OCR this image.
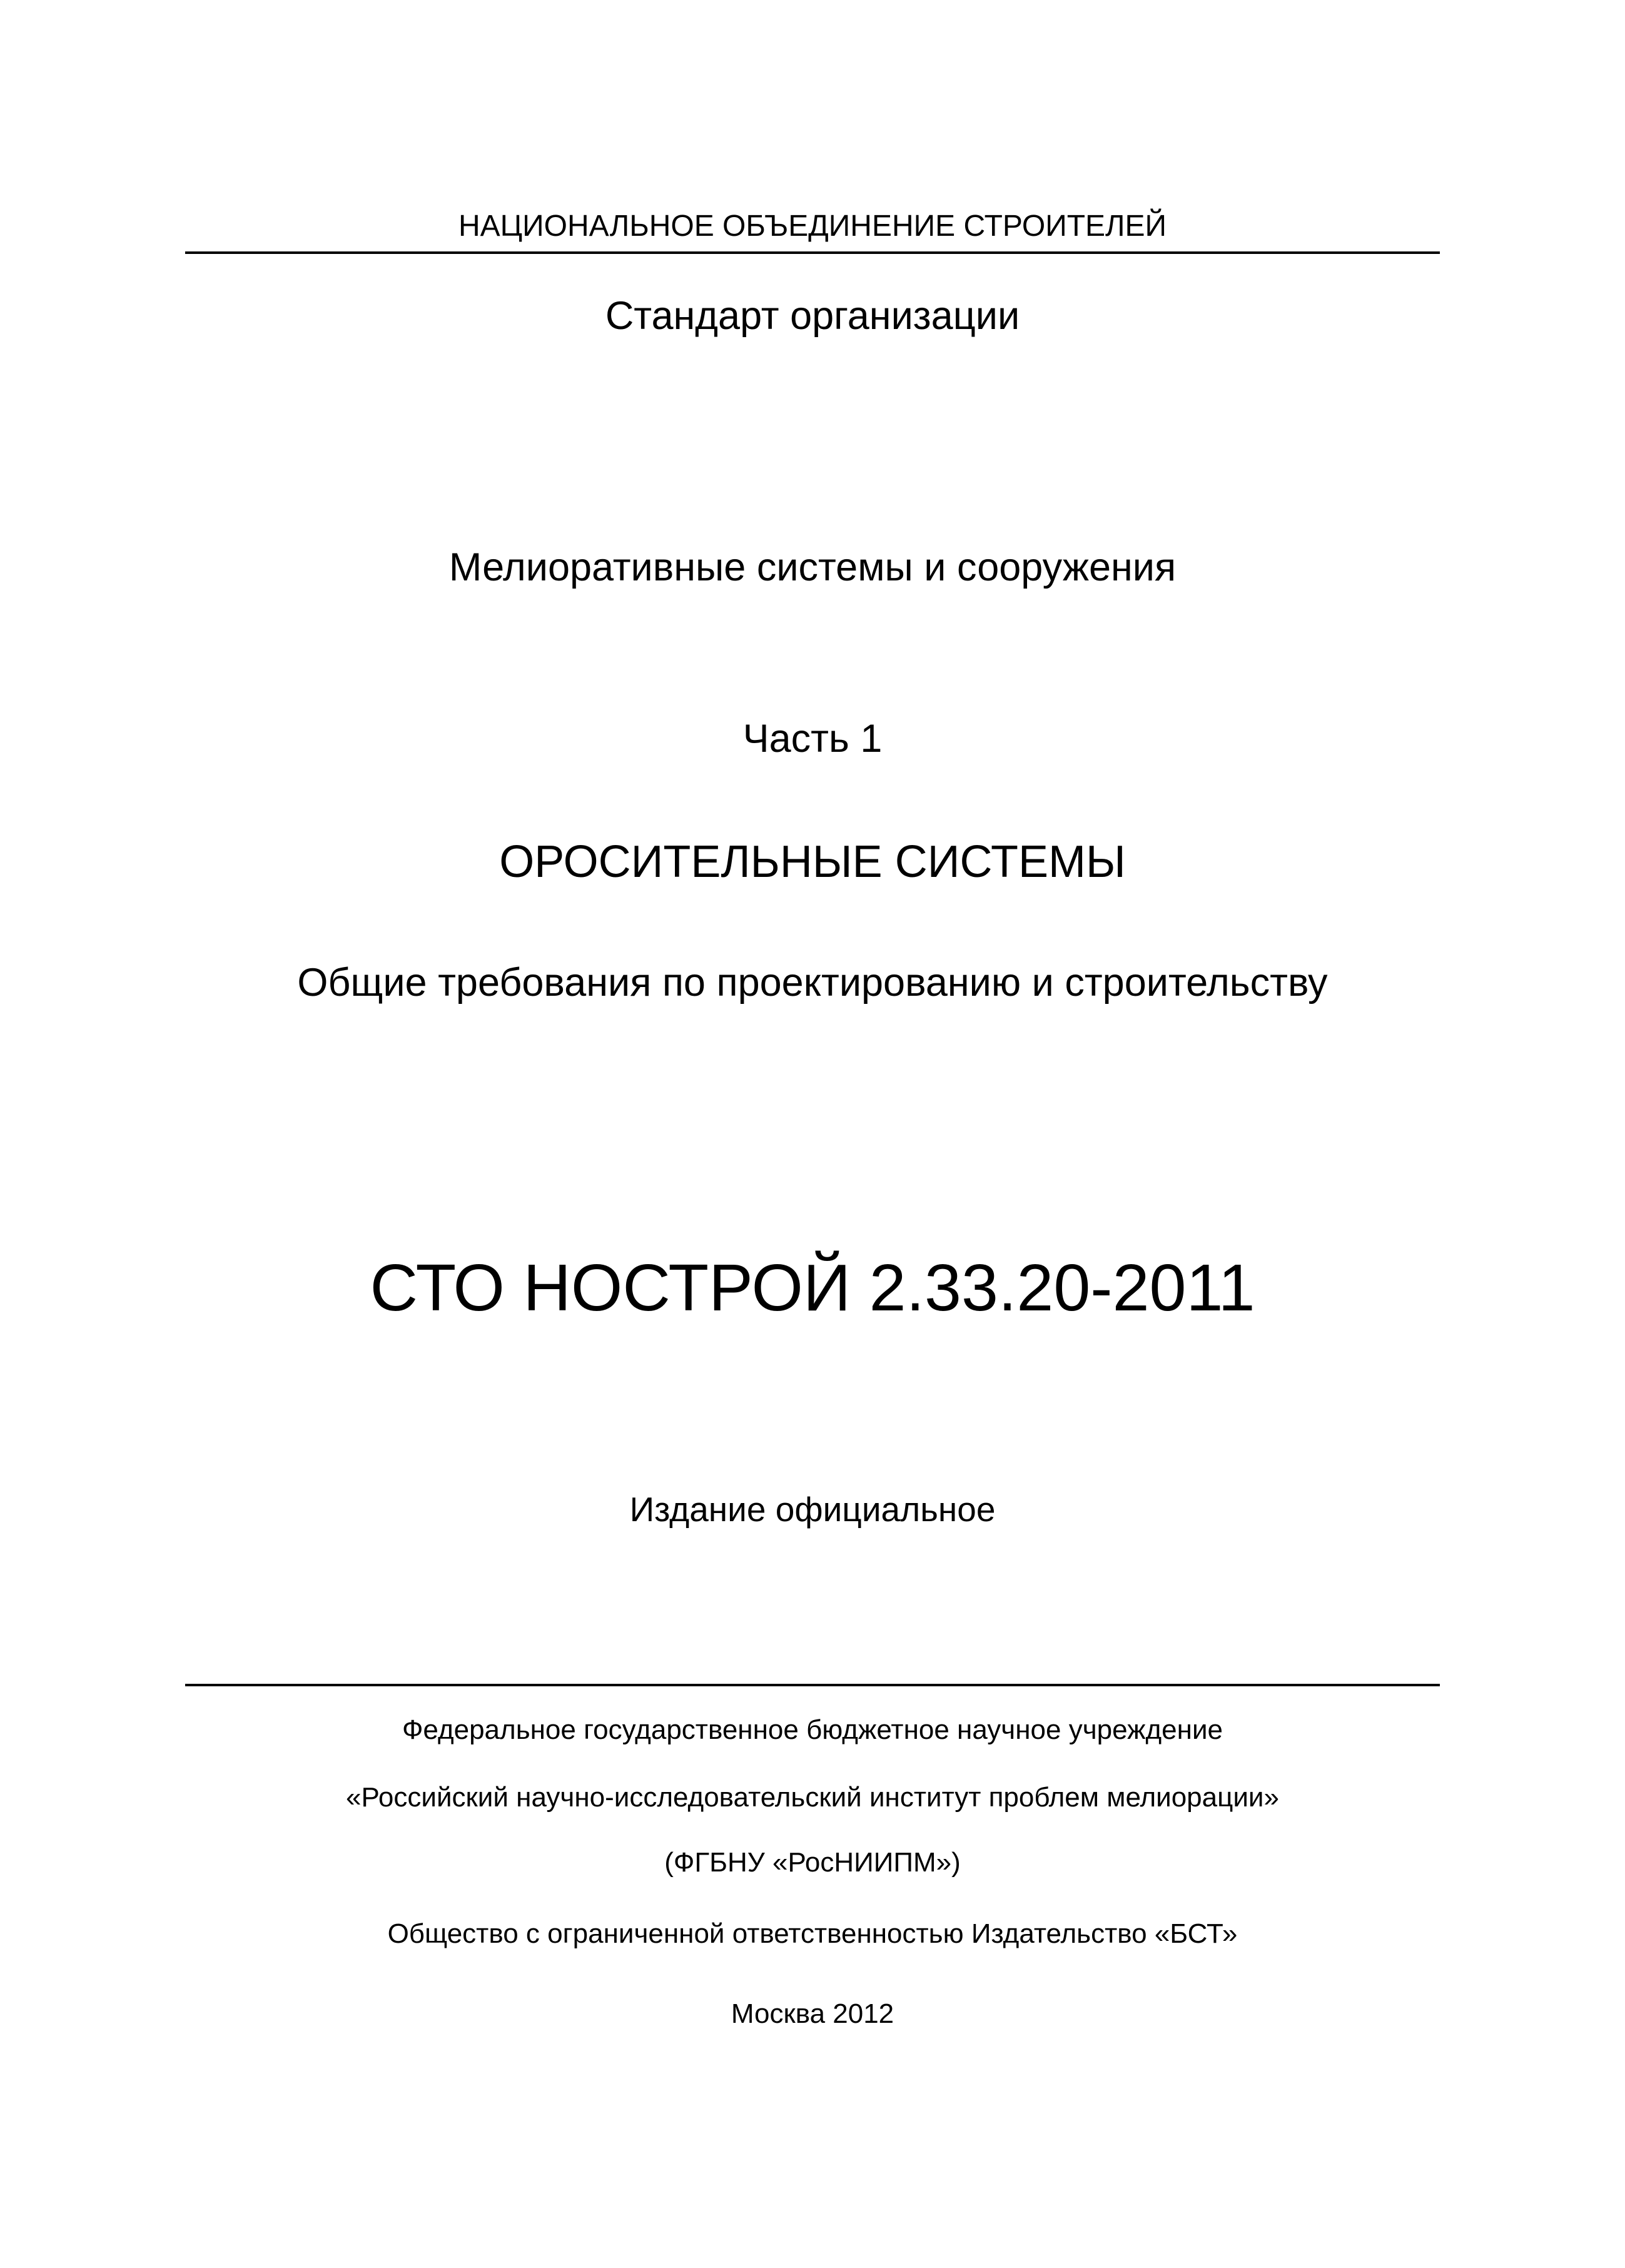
НАЦИОНАЛЬНОЕ ОБЪЕДИНЕНИЕ СТРОИТЕЛЕЙ
Стандарт организации
Мелиоративные системы и сооружения
Часть 1
ОРОСИТЕЛЬНЫЕ СИСТЕМЫ
Общие требования по проектированию и строительству
СТО НОСТРОЙ 2.33.20-2011
Издание официальное
Федеральное государственное бюджетное научное учреждение
«Российский научно-исследовательский институт проблем мелиорации»
(ФГБНУ «РосНИИПМ»)
Общество с ограниченной ответственностью Издательство «БСТ»
Москва 2012
